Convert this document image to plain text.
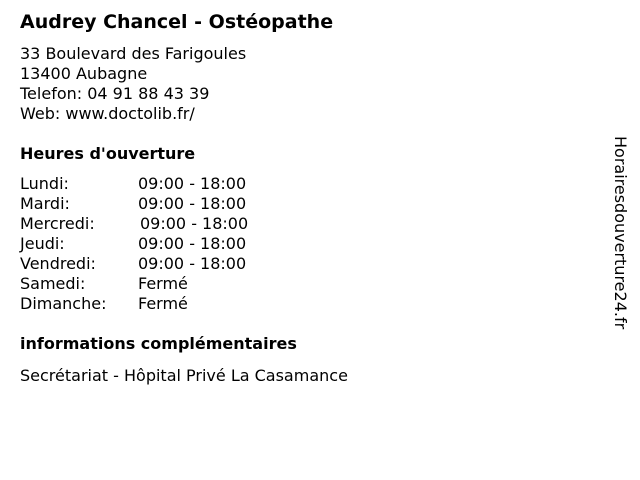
Audrey Chancel - Ostéopathe
33 Boulevard des Farigoules
13400 Aubagne
Telefon: 04 91 88 43 39
Web: www.doctolib.fr/
Heures d'ouverture
Lundi:	09:00 - 18:00
Mardi:	09:00 - 18:00
Mercredi:	09:00 - 18:00
Jeudi:	09:00 - 18:00
Vendredi:	09:00 - 18:00
Samedi:	Fermé
Dimanche:	Fermé
informations complémentaires
Secrétariat - Hôpital Privé La Casamance
Horairesdouverture24.fr
